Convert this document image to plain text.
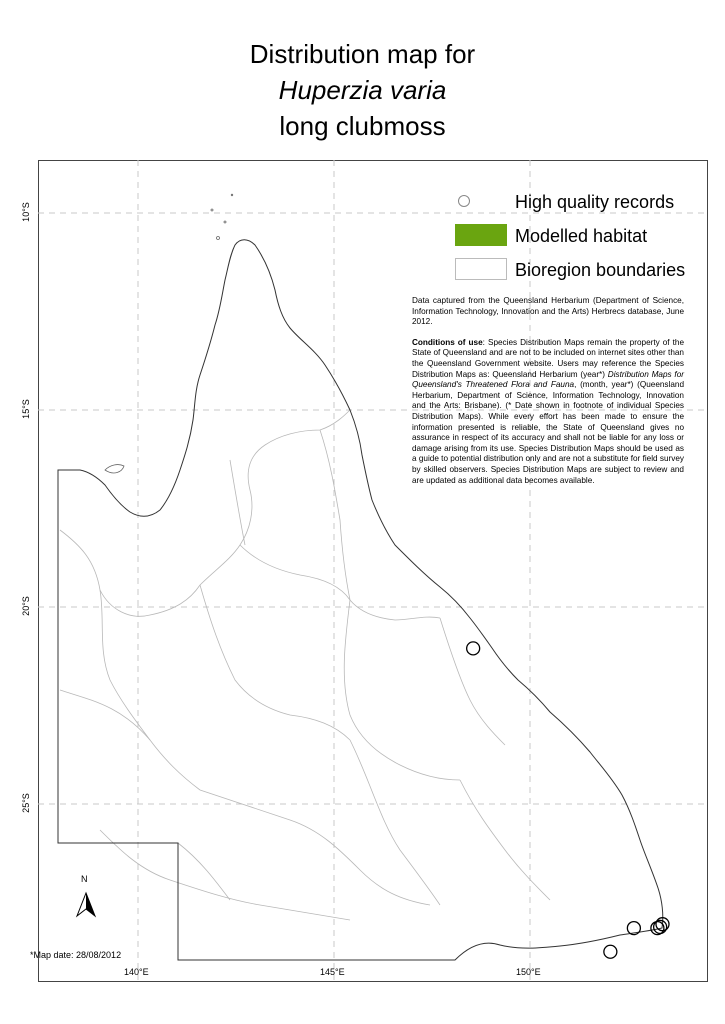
Distribution map for
Huperzia varia
long clubmoss
High quality records
Modelled habitat
Bioregion boundaries

Data captured from the Queensland Herbarium (Department of Science, Information Technology, Innovation and the Arts) Herbrecs database, June 2012.

Conditions of use: Species Distribution Maps remain the property of the State of Queensland and are not to be included on internet sites other than the Queensland Government website. Users may reference the Species Distribution Maps as: Queensland Herbarium (year*) Distribution Maps for Queensland's Threatened Flora and Fauna, (month, year*) (Queensland Herbarium, Department of Science, Information Technology, Innovation and the Arts: Brisbane). (* Date shown in footnote of individual Species Distribution Maps). While every effort has been made to ensure the information presented is reliable, the State of Queensland gives no assurance in respect of its accuracy and shall not be liable for any loss or damage arising from its use. Species Distribution Maps should be used as a guide to potential distribution only and are not a substitute for field survey by skilled observers. Species Distribution Maps are subject to review and are updated as additional data becomes available.

10°S
15°S
20°S
25°S
140°E	145°E	150°E
N
*Map date: 28/08/2012
